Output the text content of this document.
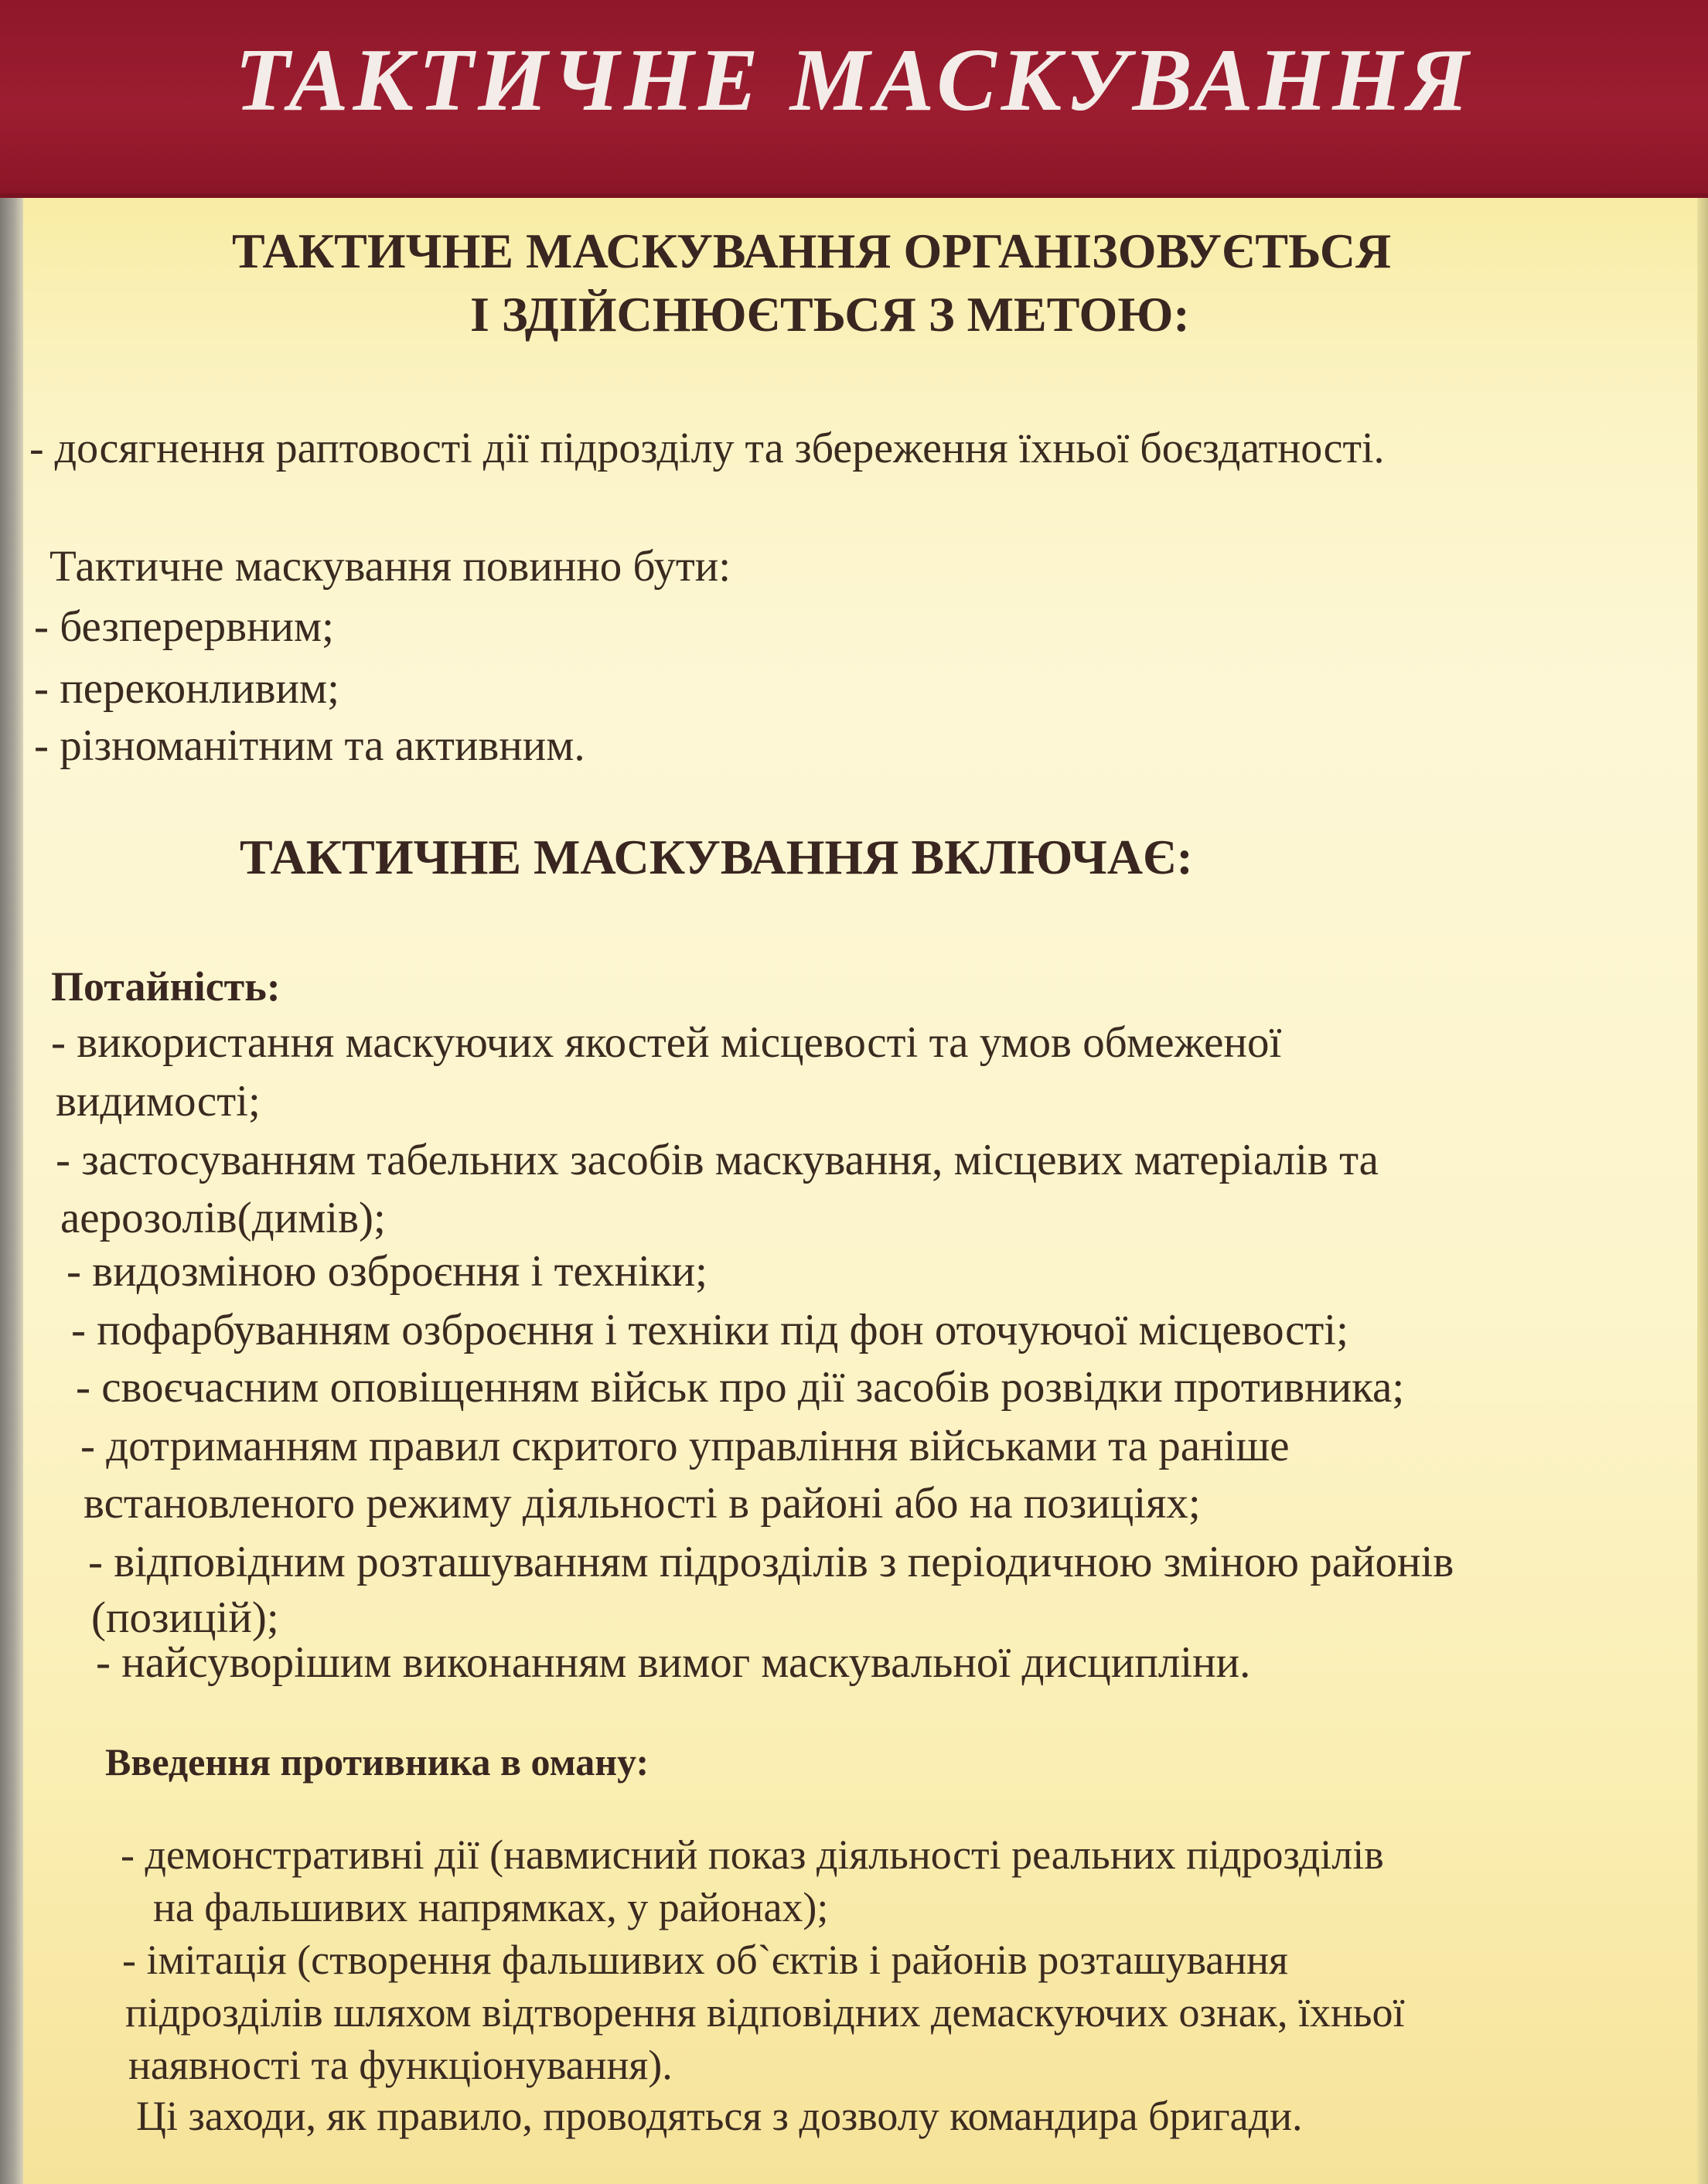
ТАКТИЧНЕ МАСКУВАННЯ
ТАКТИЧНЕ МАСКУВАННЯ ОРГАНІЗОВУЄТЬСЯ
І ЗДІЙСНЮЄТЬСЯ З МЕТОЮ:
- досягнення раптовості дії підрозділу та збереження їхньої боєздатності.
Тактичне маскування повинно бути:
- безперервним;
- переконливим;
- різноманітним та активним.
ТАКТИЧНЕ МАСКУВАННЯ ВКЛЮЧАЄ:
Потайність:
- використання маскуючих якостей місцевості та умов обмеженої
видимості;
- застосуванням табельних засобів маскування, місцевих матеріалів та
аерозолів(димів);
- видозміною озброєння і техніки;
- пофарбуванням озброєння і техніки під фон оточуючої місцевості;
- своєчасним оповіщенням військ про дії засобів розвідки противника;
- дотриманням правил скритого управління військами та раніше
встановленого режиму діяльності в районі або на позиціях;
- відповідним розташуванням підрозділів з періодичною зміною районів
(позицій);
- найсуворішим виконанням вимог маскувальної дисципліни.
Введення противника в оману:
- демонстративні дії (навмисний показ діяльності реальних підрозділів
на фальшивих напрямках, у районах);
- імітація (створення фальшивих об`єктів і районів розташування
підрозділів шляхом відтворення відповідних демаскуючих ознак, їхньої
наявності та функціонування).
Ці заходи, як правило, проводяться з дозволу командира бригади.
